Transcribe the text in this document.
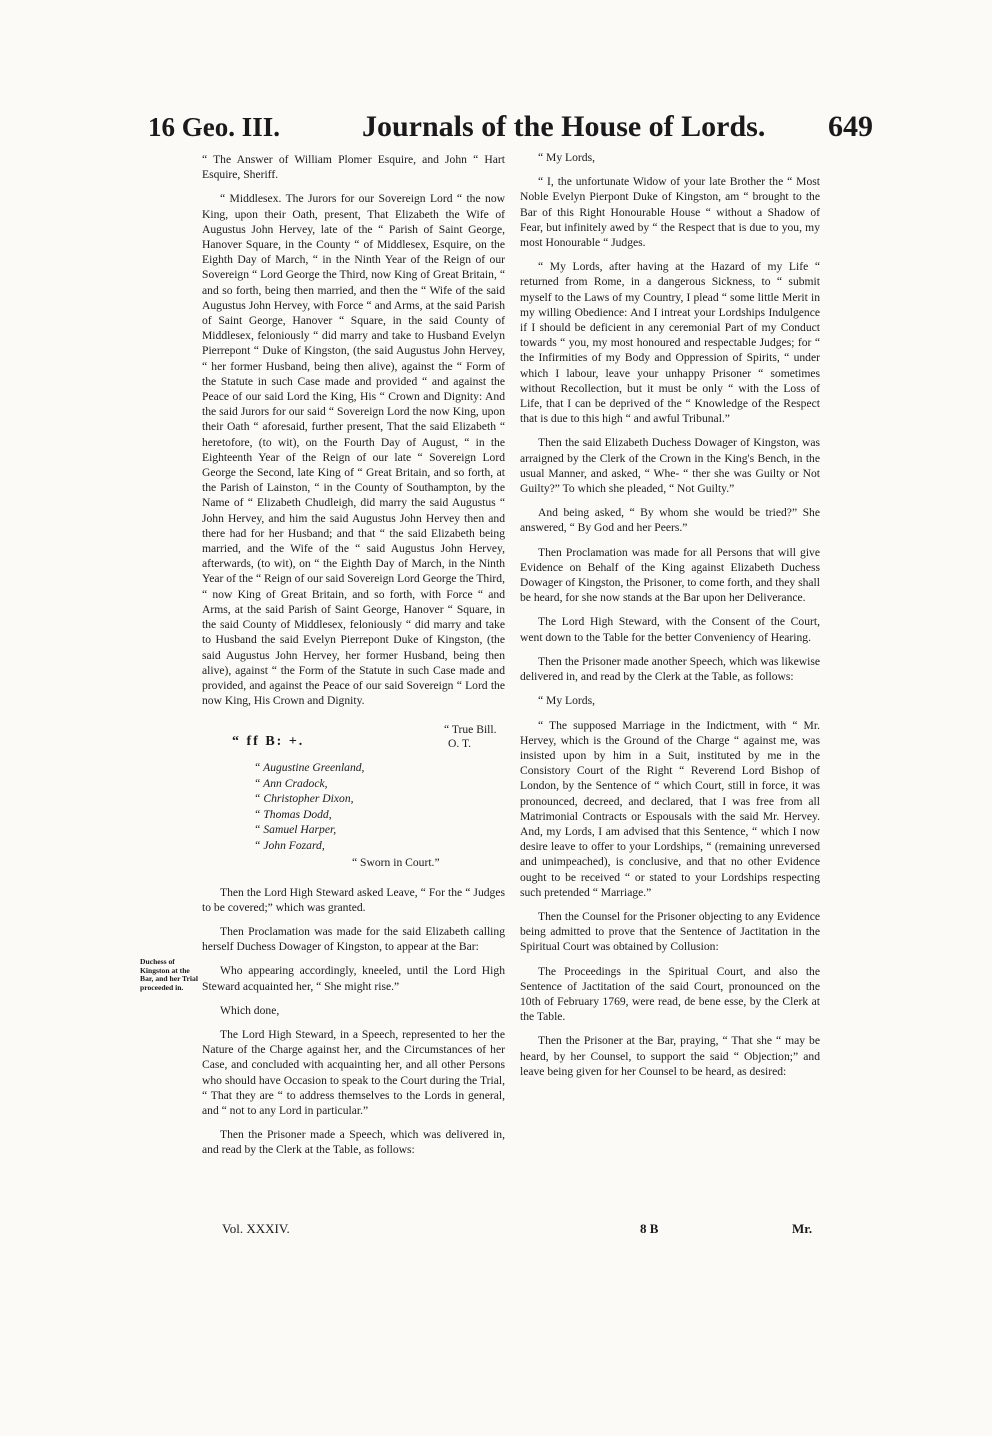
16 Geo. III.	Journals of the House of Lords. 649

“ The Answer of William Plomer Esquire, and John “ Hart Esquire, Sheriff.

“ Middlesex. The Jurors for our Sovereign Lord “ the now King, upon their Oath, present, That Elizabeth the Wife of Augustus John Hervey, late of the “ Parish of Saint George, Hanover Square, in the County “ of Middlesex, Esquire, on the Eighth Day of March, “ in the Ninth Year of the Reign of our Sovereign “ Lord George the Third, now King of Great Britain, “ and so forth, being then married, and then the “ Wife of the said Augustus John Hervey, with Force “ and Arms, at the said Parish of Saint George, Hanover “ Square, in the said County of Middlesex, feloniously “ did marry and take to Husband Evelyn Pierrepont “ Duke of Kingston, (the said Augustus John Hervey, “ her former Husband, being then alive), against the “ Form of the Statute in such Case made and provided “ and against the Peace of our said Lord the King, His “ Crown and Dignity: And the said Jurors for our said “ Sovereign Lord the now King, upon their Oath “ aforesaid, further present, That the said Elizabeth “ heretofore, (to wit), on the Fourth Day of August, “ in the Eighteenth Year of the Reign of our late “ Sovereign Lord George the Second, late King of “ Great Britain, and so forth, at the Parish of Lainston, “ in the County of Southampton, by the Name of “ Elizabeth Chudleigh, did marry the said Augustus “ John Hervey, and him the said Augustus John Hervey then and there had for her Husband; and that “ the said Elizabeth being married, and the Wife of the “ said Augustus John Hervey, afterwards, (to wit), on “ the Eighth Day of March, in the Ninth Year of the “ Reign of our said Sovereign Lord George the Third, “ now King of Great Britain, and so forth, with Force “ and Arms, at the said Parish of Saint George, Hanover “ Square, in the said County of Middlesex, feloniously “ did marry and take to Husband the said Evelyn Pierrepont Duke of Kingston, (the said Augustus John Hervey, her former Husband, being then alive), against “ the Form of the Statute in such Case made and provided, and against the Peace of our said Sovereign “ Lord the now King, His Crown and Dignity.

“ ff B: +.
“ True Bill.
O. T.
“ Augustine Greenland,
“ Ann Cradock,
“ Christopher Dixon,
“ Thomas Dodd,
“ Samuel Harper,
“ John Fozard,
“ Sworn in Court.”

Then the Lord High Steward asked Leave, “ For the “ Judges to be covered;” which was granted.

Then Proclamation was made for the said Elizabeth calling herself Duchess Dowager of Kingston, to appear at the Bar:

Who appearing accordingly, kneeled, until the Lord High Steward acquainted her, “ She might rise.”

Which done,

The Lord High Steward, in a Speech, represented to her the Nature of the Charge against her, and the Circumstances of her Case, and concluded with acquainting her, and all other Persons who should have Occasion to speak to the Court during the Trial, “ That they are “ to address themselves to the Lords in general, and “ not to any Lord in particular.”

Then the Prisoner made a Speech, which was delivered in, and read by the Clerk at the Table, as follows:

Duchess of Kingston at the Bar, and her Trial proceeded in.

“ My Lords,

“ I, the unfortunate Widow of your late Brother the “ Most Noble Evelyn Pierpont Duke of Kingston, am “ brought to the Bar of this Right Honourable House “ without a Shadow of Fear, but infinitely awed by “ the Respect that is due to you, my most Honourable “ Judges.

“ My Lords, after having at the Hazard of my Life “ returned from Rome, in a dangerous Sickness, to “ submit myself to the Laws of my Country, I plead “ some little Merit in my willing Obedience: And I intreat your Lordships Indulgence if I should be deficient in any ceremonial Part of my Conduct towards “ you, my most honoured and respectable Judges; for “ the Infirmities of my Body and Oppression of Spirits, “ under which I labour, leave your unhappy Prisoner “ sometimes without Recollection, but it must be only “ with the Loss of Life, that I can be deprived of the “ Knowledge of the Respect that is due to this high “ and awful Tribunal.”

Then the said Elizabeth Duchess Dowager of Kingston, was arraigned by the Clerk of the Crown in the King's Bench, in the usual Manner, and asked, “ Whe- “ ther she was Guilty or Not Guilty?” To which she pleaded, “ Not Guilty.”

And being asked, “ By whom she would be tried?” She answered, “ By God and her Peers.”

Then Proclamation was made for all Persons that will give Evidence on Behalf of the King against Elizabeth Duchess Dowager of Kingston, the Prisoner, to come forth, and they shall be heard, for she now stands at the Bar upon her Deliverance.

The Lord High Steward, with the Consent of the Court, went down to the Table for the better Conveniency of Hearing.

Then the Prisoner made another Speech, which was likewise delivered in, and read by the Clerk at the Table, as follows:

“ My Lords,

“ The supposed Marriage in the Indictment, with “ Mr. Hervey, which is the Ground of the Charge “ against me, was insisted upon by him in a Suit, instituted by me in the Consistory Court of the Right “ Reverend Lord Bishop of London, by the Sentence of “ which Court, still in force, it was pronounced, decreed, and declared, that I was free from all Matrimonial Contracts or Espousals with the said Mr. Hervey. And, my Lords, I am advised that this Sentence, “ which I now desire leave to offer to your Lordships, “ (remaining unreversed and unimpeached), is conclusive, and that no other Evidence ought to be received “ or stated to your Lordships respecting such pretended “ Marriage.”

Then the Counsel for the Prisoner objecting to any Evidence being admitted to prove that the Sentence of Jactitation in the Spiritual Court was obtained by Collusion:

The Proceedings in the Spiritual Court, and also the Sentence of Jactitation of the said Court, pronounced on the 10th of February 1769, were read, de bene esse, by the Clerk at the Table.

Then the Prisoner at the Bar, praying, “ That she “ may be heard, by her Counsel, to support the said “ Objection;” and leave being given for her Counsel to be heard, as desired:

Vol. XXXIV.	8 B	Mr.
